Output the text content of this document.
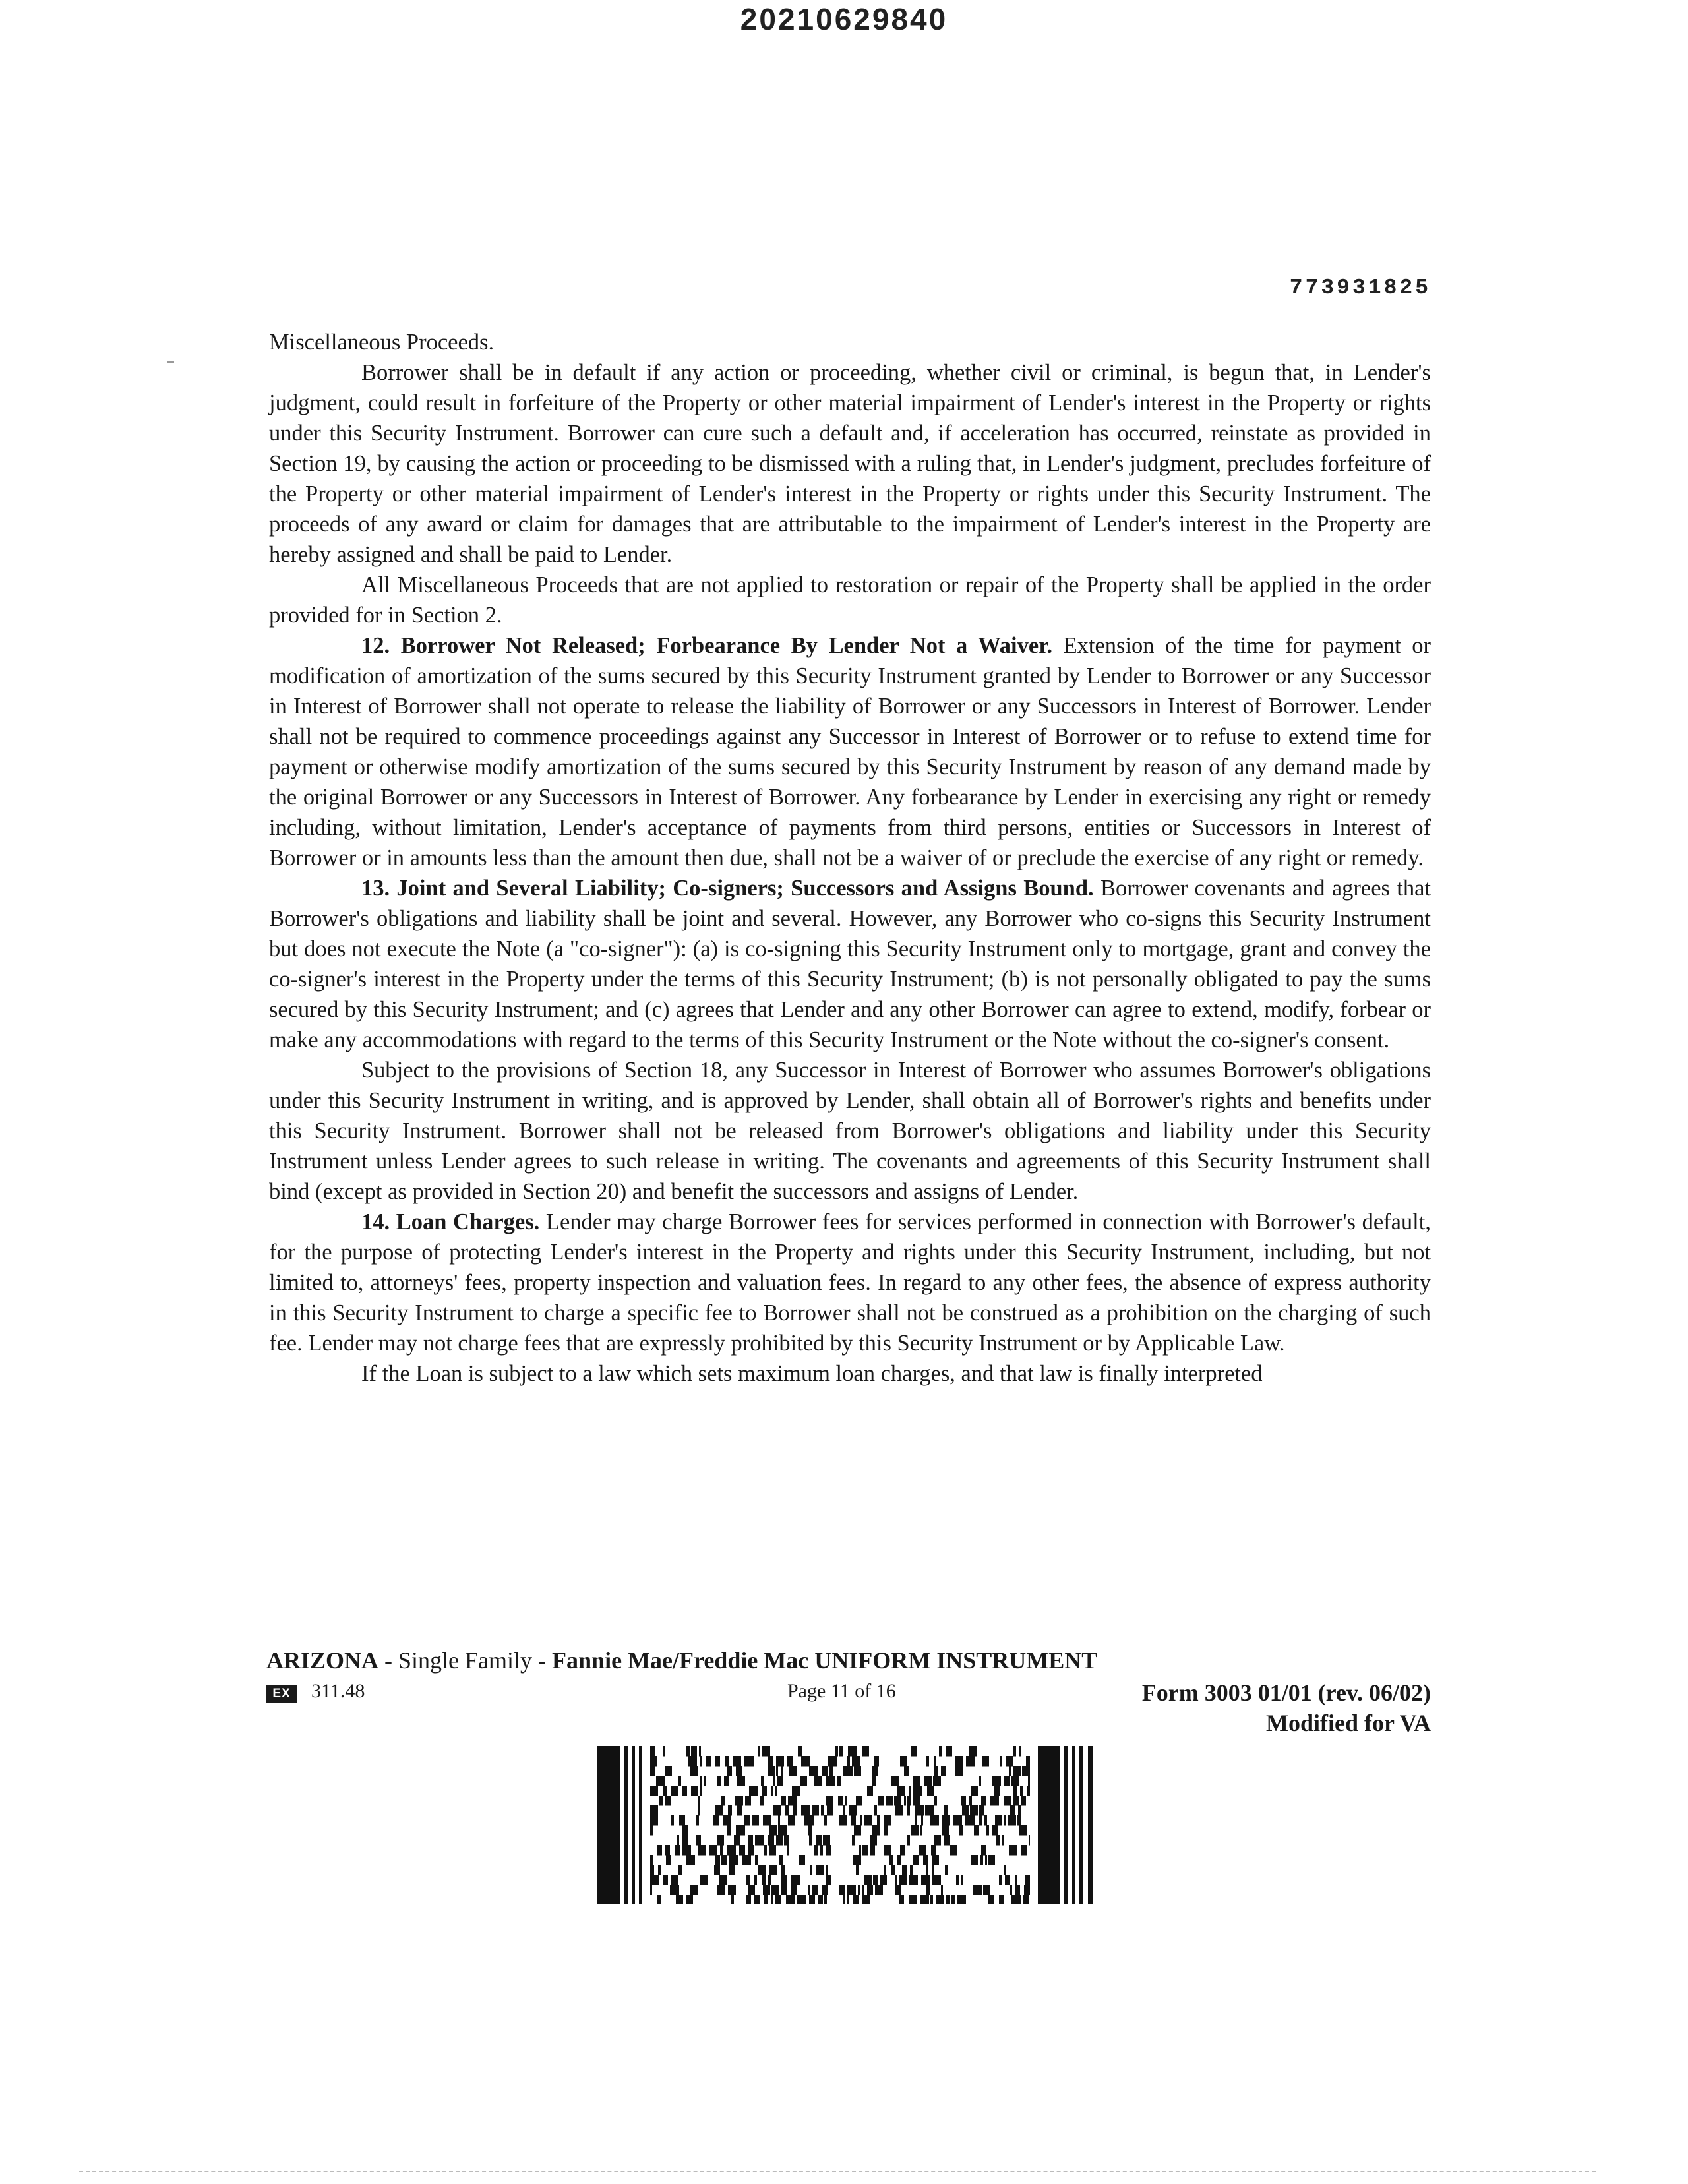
20210629840
773931825

Miscellaneous Proceeds.

Borrower shall be in default if any action or proceeding, whether civil or criminal, is begun that, in Lender's judgment, could result in forfeiture of the Property or other material impairment of Lender's interest in the Property or rights under this Security Instrument. Borrower can cure such a default and, if acceleration has occurred, reinstate as provided in Section 19, by causing the action or proceeding to be dismissed with a ruling that, in Lender's judgment, precludes forfeiture of the Property or other material impairment of Lender's interest in the Property or rights under this Security Instrument. The proceeds of any award or claim for damages that are attributable to the impairment of Lender's interest in the Property are hereby assigned and shall be paid to Lender.

All Miscellaneous Proceeds that are not applied to restoration or repair of the Property shall be applied in the order provided for in Section 2.

12. Borrower Not Released; Forbearance By Lender Not a Waiver. Extension of the time for payment or modification of amortization of the sums secured by this Security Instrument granted by Lender to Borrower or any Successor in Interest of Borrower shall not operate to release the liability of Borrower or any Successors in Interest of Borrower. Lender shall not be required to commence proceedings against any Successor in Interest of Borrower or to refuse to extend time for payment or otherwise modify amortization of the sums secured by this Security Instrument by reason of any demand made by the original Borrower or any Successors in Interest of Borrower. Any forbearance by Lender in exercising any right or remedy including, without limitation, Lender's acceptance of payments from third persons, entities or Successors in Interest of Borrower or in amounts less than the amount then due, shall not be a waiver of or preclude the exercise of any right or remedy.

13. Joint and Several Liability; Co-signers; Successors and Assigns Bound. Borrower covenants and agrees that Borrower's obligations and liability shall be joint and several. However, any Borrower who co-signs this Security Instrument but does not execute the Note (a "co-signer"): (a) is co-signing this Security Instrument only to mortgage, grant and convey the co-signer's interest in the Property under the terms of this Security Instrument; (b) is not personally obligated to pay the sums secured by this Security Instrument; and (c) agrees that Lender and any other Borrower can agree to extend, modify, forbear or make any accommodations with regard to the terms of this Security Instrument or the Note without the co-signer's consent.

Subject to the provisions of Section 18, any Successor in Interest of Borrower who assumes Borrower's obligations under this Security Instrument in writing, and is approved by Lender, shall obtain all of Borrower's rights and benefits under this Security Instrument. Borrower shall not be released from Borrower's obligations and liability under this Security Instrument unless Lender agrees to such release in writing. The covenants and agreements of this Security Instrument shall bind (except as provided in Section 20) and benefit the successors and assigns of Lender.

14. Loan Charges. Lender may charge Borrower fees for services performed in connection with Borrower's default, for the purpose of protecting Lender's interest in the Property and rights under this Security Instrument, including, but not limited to, attorneys' fees, property inspection and valuation fees. In regard to any other fees, the absence of express authority in this Security Instrument to charge a specific fee to Borrower shall not be construed as a prohibition on the charging of such fee. Lender may not charge fees that are expressly prohibited by this Security Instrument or by Applicable Law.

If the Loan is subject to a law which sets maximum loan charges, and that law is finally interpreted

ARIZONA - Single Family - Fannie Mae/Freddie Mac UNIFORM INSTRUMENT
EX	311.48	Page 11 of 16	Form 3003 01/01 (rev. 06/02)
Modified for VA
